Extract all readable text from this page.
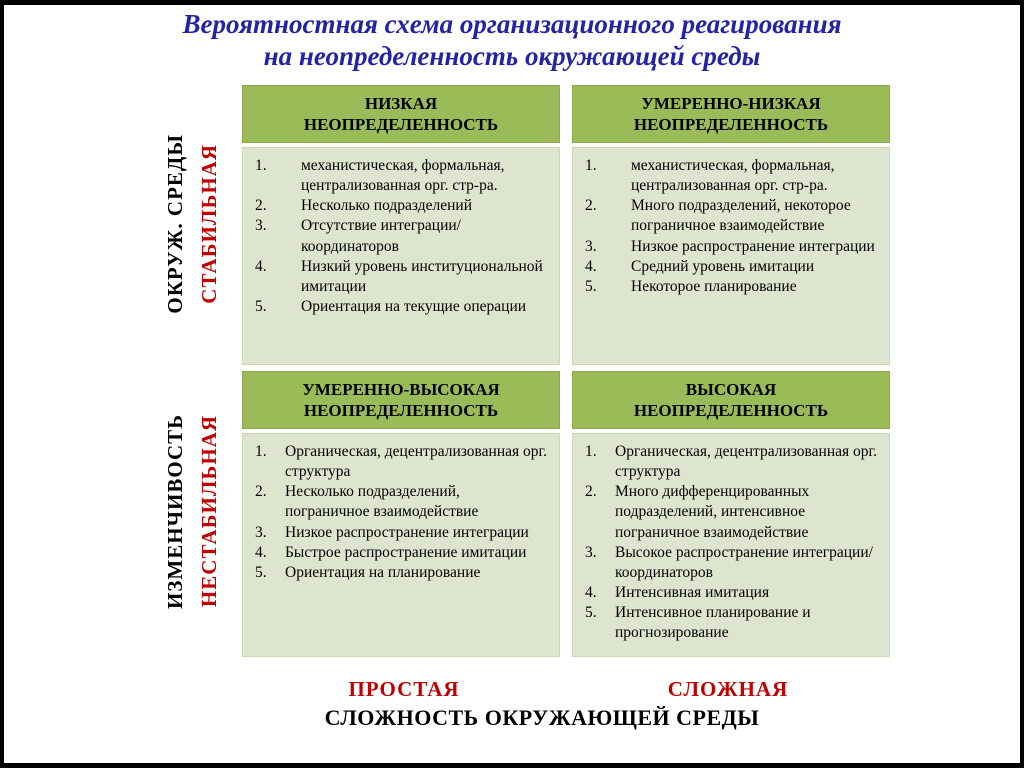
Вероятностная схема организационного реагирования
на неопределенность окружающей среды
ОКРУЖ. СРЕДЫ СТАБИЛЬНАЯ
ИЗМЕНЧИВОСТЬ НЕСТАБИЛЬНАЯ
НИЗКАЯ
НЕОПРЕДЕЛЕННОСТЬ
механистическая, формальная, централизованная орг. стр-ра.
Несколько подразделений
Отсутствие интеграции/координаторов
Низкий уровень институциональной имитации
Ориентация на текущие операции
УМЕРЕННО-НИЗКАЯ
НЕОПРЕДЕЛЕННОСТЬ
механистическая, формальная, централизованная орг. стр-ра.
Много подразделений, некоторое пограничное взаимодействие
Низкое распространение интеграции
Средний уровень имитации
Некоторое планирование
УМЕРЕННО-ВЫСОКАЯ
НЕОПРЕДЕЛЕННОСТЬ
Органическая, децентрализованная орг. структура
Несколько подразделений, пограничное взаимодействие
Низкое распространение интеграции
Быстрое распространение имитации
Ориентация на планирование
ВЫСОКАЯ
НЕОПРЕДЕЛЕННОСТЬ
Органическая, децентрализованная орг. структура
Много дифференцированных подразделений, интенсивное пограничное взаимодействие
Высокое распространение интеграции/координаторов
Интенсивная имитация
Интенсивное планирование и прогнозирование
ПРОСТАЯ	СЛОЖНАЯ
СЛОЖНОСТЬ ОКРУЖАЮЩЕЙ СРЕДЫ
